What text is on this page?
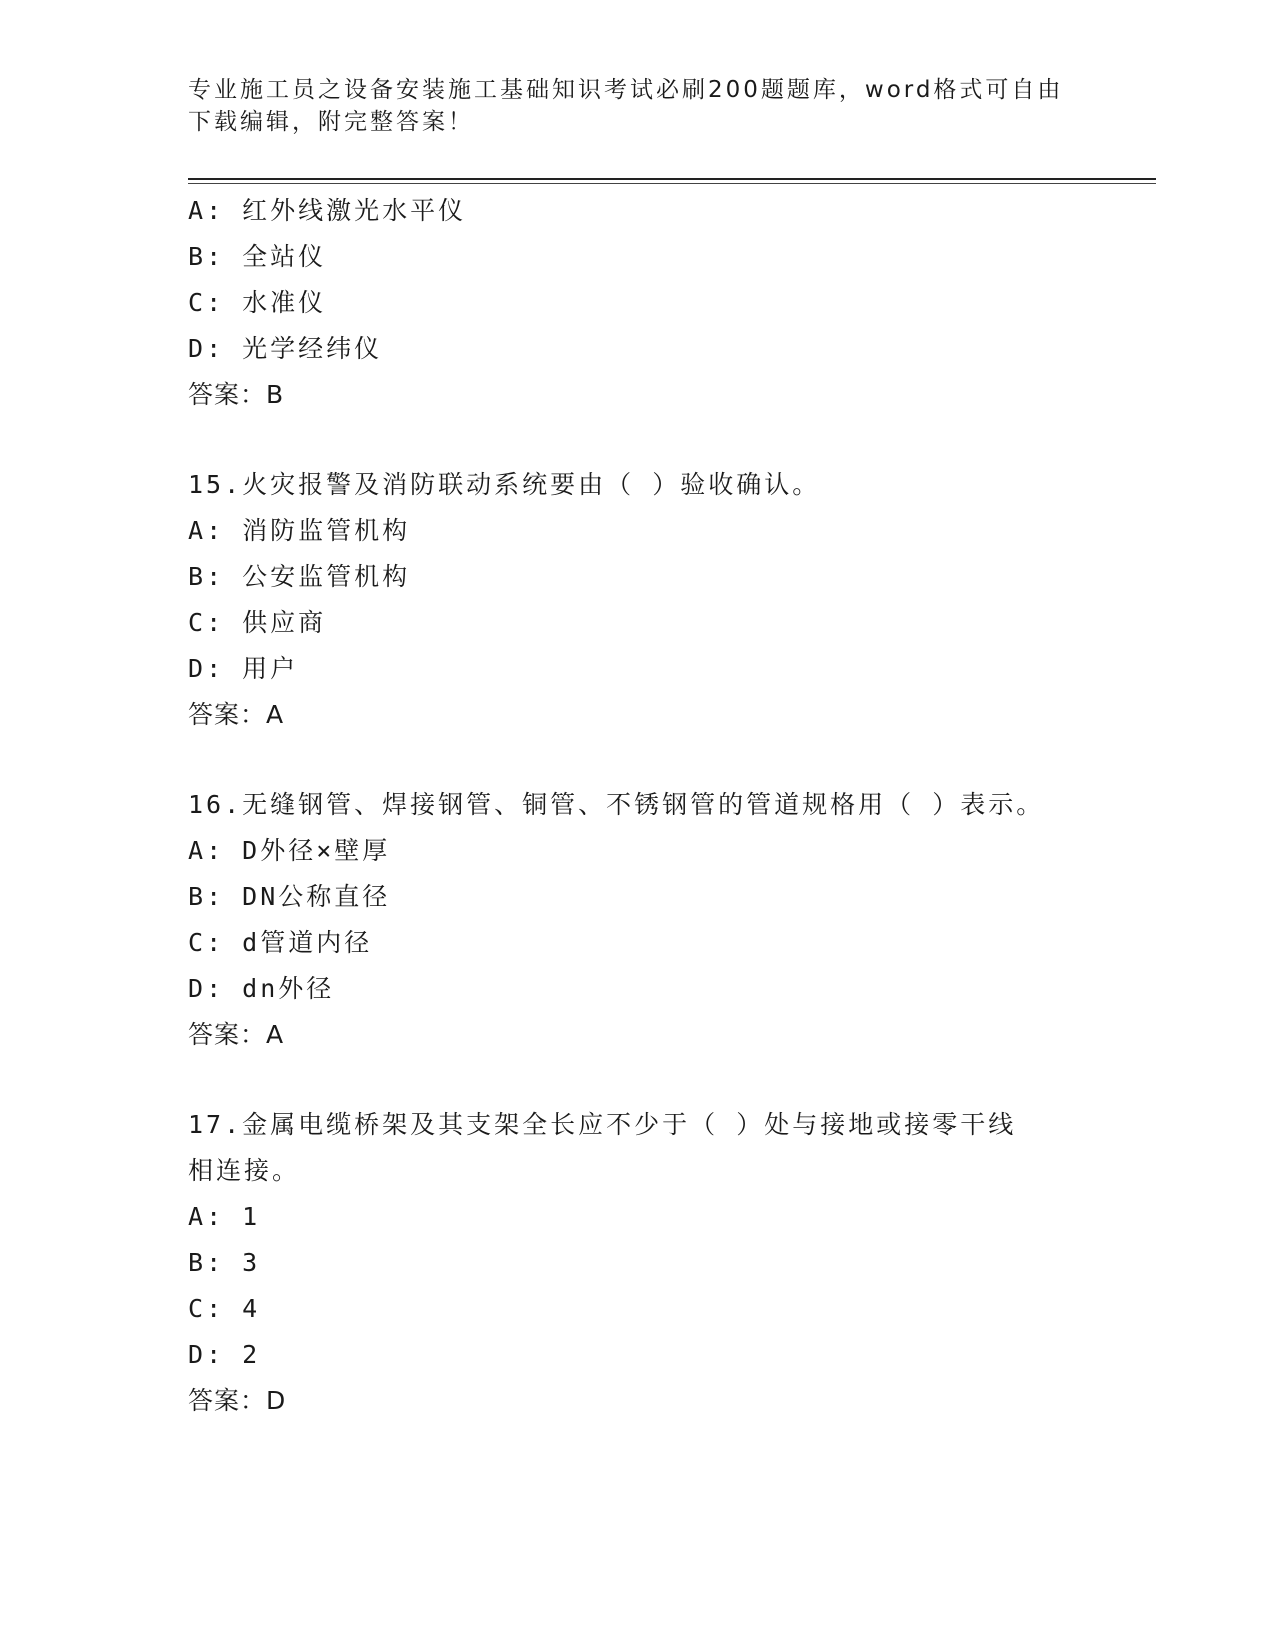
专业施工员之设备安装施工基础知识考试必刷200题题库，word格式可自由下载编辑，附完整答案！
A: 红外线激光水平仪
B: 全站仪
C: 水准仪
D: 光学经纬仪
答案：B
15.火灾报警及消防联动系统要由（ ）验收确认。
A: 消防监管机构
B: 公安监管机构
C: 供应商
D: 用户
答案：A
16.无缝钢管、焊接钢管、铜管、不锈钢管的管道规格用（ ）表示。
A: D外径×壁厚
B: DN公称直径
C: d管道内径
D: dn外径
答案：A
17.金属电缆桥架及其支架全长应不少于（ ）处与接地或接零干线相连接。
A: 1
B: 3
C: 4
D: 2
答案：D
